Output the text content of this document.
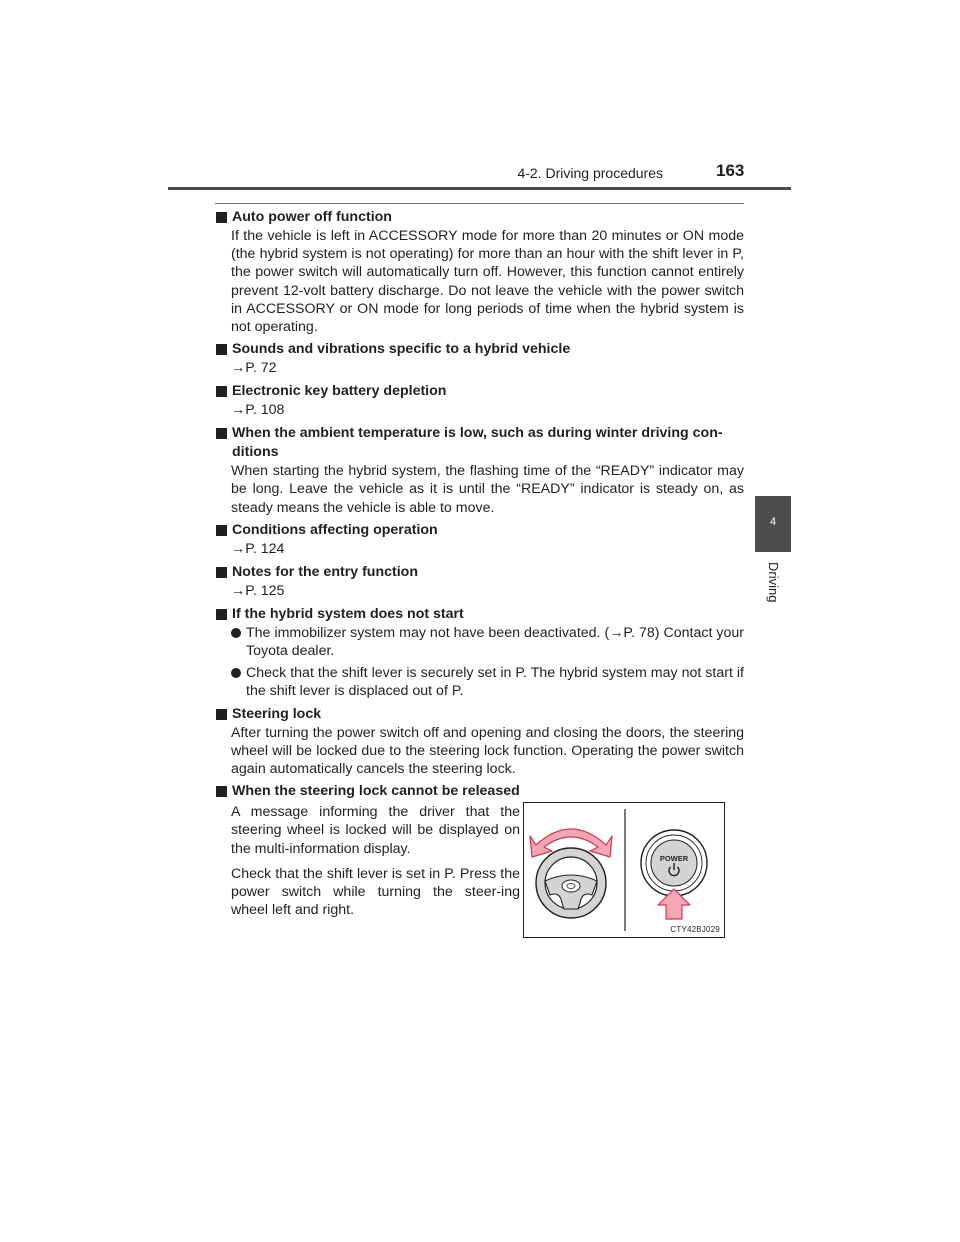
4-2. Driving procedures	163
4
Driving
Auto power off function
If the vehicle is left in ACCESSORY mode for more than 20 minutes or ON mode (the hybrid system is not operating) for more than an hour with the shift lever in P, the power switch will automatically turn off. However, this function cannot entirely prevent 12-volt battery discharge. Do not leave the vehicle with the power switch in ACCESSORY or ON mode for long periods of time when the hybrid system is not operating.
Sounds and vibrations specific to a hybrid vehicle
→P. 72
Electronic key battery depletion
→P. 108
When the ambient temperature is low, such as during winter driving con-ditions
When starting the hybrid system, the flashing time of the “READY” indicator may be long. Leave the vehicle as it is until the “READY” indicator is steady on, as steady means the vehicle is able to move.
Conditions affecting operation
→P. 124
Notes for the entry function
→P. 125
If the hybrid system does not start
The immobilizer system may not have been deactivated. (→P. 78) Contact your Toyota dealer.
Check that the shift lever is securely set in P. The hybrid system may not start if the shift lever is displaced out of P.
Steering lock
After turning the power switch off and opening and closing the doors, the steering wheel will be locked due to the steering lock function. Operating the power switch again automatically cancels the steering lock.
When the steering lock cannot be released

A message informing the driver that the steering wheel is locked will be displayed on the multi-information display.

Check that the shift lever is set in P. Press the power switch while turning the steer-ing wheel left and right.

POWER
CTY42BJ029
